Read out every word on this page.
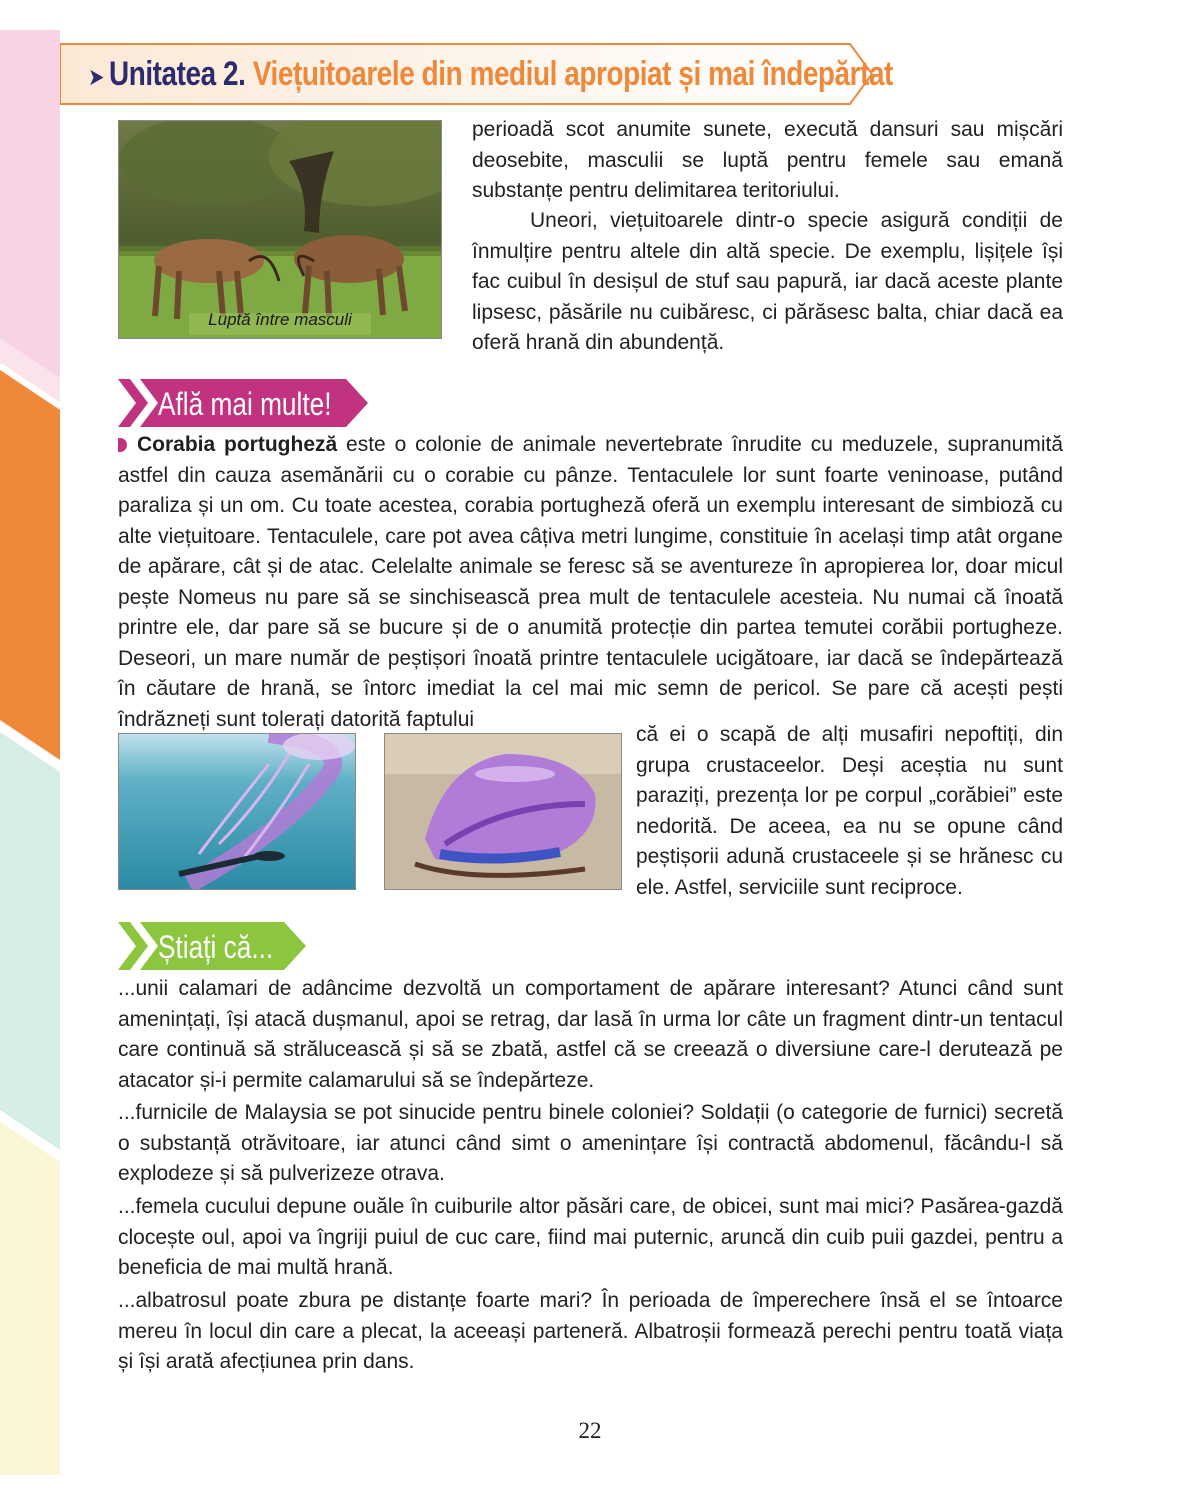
➤ Unitatea 2. Viețuitoarele din mediul apropiat și mai îndepărtat
Luptă între masculi
perioadă scot anumite sunete, execută dansuri sau mișcări deosebite, masculii se luptă pentru femele sau emană substanțe pentru delimitarea teritoriului.
Uneori, viețuitoarele dintr-o specie asigură condiții de înmulțire pentru altele din altă specie. De exemplu, lișițele își fac cuibul în desișul de stuf sau papură, iar dacă aceste plante lipsesc, păsările nu cuibăresc, ci părăsesc balta, chiar dacă ea oferă hrană din abundență.
Află mai multe!
Corabia portugheză este o colonie de animale nevertebrate înrudite cu meduzele, supranumită astfel din cauza asemănării cu o corabie cu pânze. Tentaculele lor sunt foarte veninoase, putând paraliza și un om. Cu toate acestea, corabia portugheză oferă un exemplu interesant de simbioză cu alte viețuitoare. Tentaculele, care pot avea câțiva metri lungime, constituie în același timp atât organe de apărare, cât și de atac. Celelalte animale se feresc să se aventureze în apropierea lor, doar micul pește Nomeus nu pare să se sinchisească prea mult de tentaculele acesteia. Nu numai că înoată printre ele, dar pare să se bucure și de o anumită protecție din partea temutei corăbii portugheze. Deseori, un mare număr de peștișori înoată printre tentaculele ucigătoare, iar dacă se îndepărtează în căutare de hrană, se întorc imediat la cel mai mic semn de pericol. Se pare că acești pești îndrăzneți sunt tolerați datorită faptului
că ei o scapă de alți musafiri nepoftiți, din grupa crustaceelor. Deși aceștia nu sunt paraziți, prezența lor pe corpul „corăbiei” este nedorită. De aceea, ea nu se opune când peștișorii adună crustaceele și se hrănesc cu ele. Astfel, serviciile sunt reciproce.
Știați că...
...unii calamari de adâncime dezvoltă un comportament de apărare interesant? Atunci când sunt amenințați, își atacă dușmanul, apoi se retrag, dar lasă în urma lor câte un fragment dintr-un tentacul care continuă să strălucească și să se zbată, astfel că se creează o diversiune care-l derutează pe atacator și-i permite calamarului să se îndepărteze.
...furnicile de Malaysia se pot sinucide pentru binele coloniei? Soldații (o categorie de furnici) secretă o substanță otrăvitoare, iar atunci când simt o amenințare își contractă abdomenul, făcându-l să explodeze și să pulverizeze otrava.
...femela cucului depune ouăle în cuiburile altor păsări care, de obicei, sunt mai mici? Pasărea-gazdă clocește oul, apoi va îngriji puiul de cuc care, fiind mai puternic, aruncă din cuib puii gazdei, pentru a beneficia de mai multă hrană.
...albatrosul poate zbura pe distanțe foarte mari? În perioada de împerechere însă el se întoarce mereu în locul din care a plecat, la aceeași parteneră. Albatroșii formează perechi pentru toată viața și își arată afecțiunea prin dans.
22
